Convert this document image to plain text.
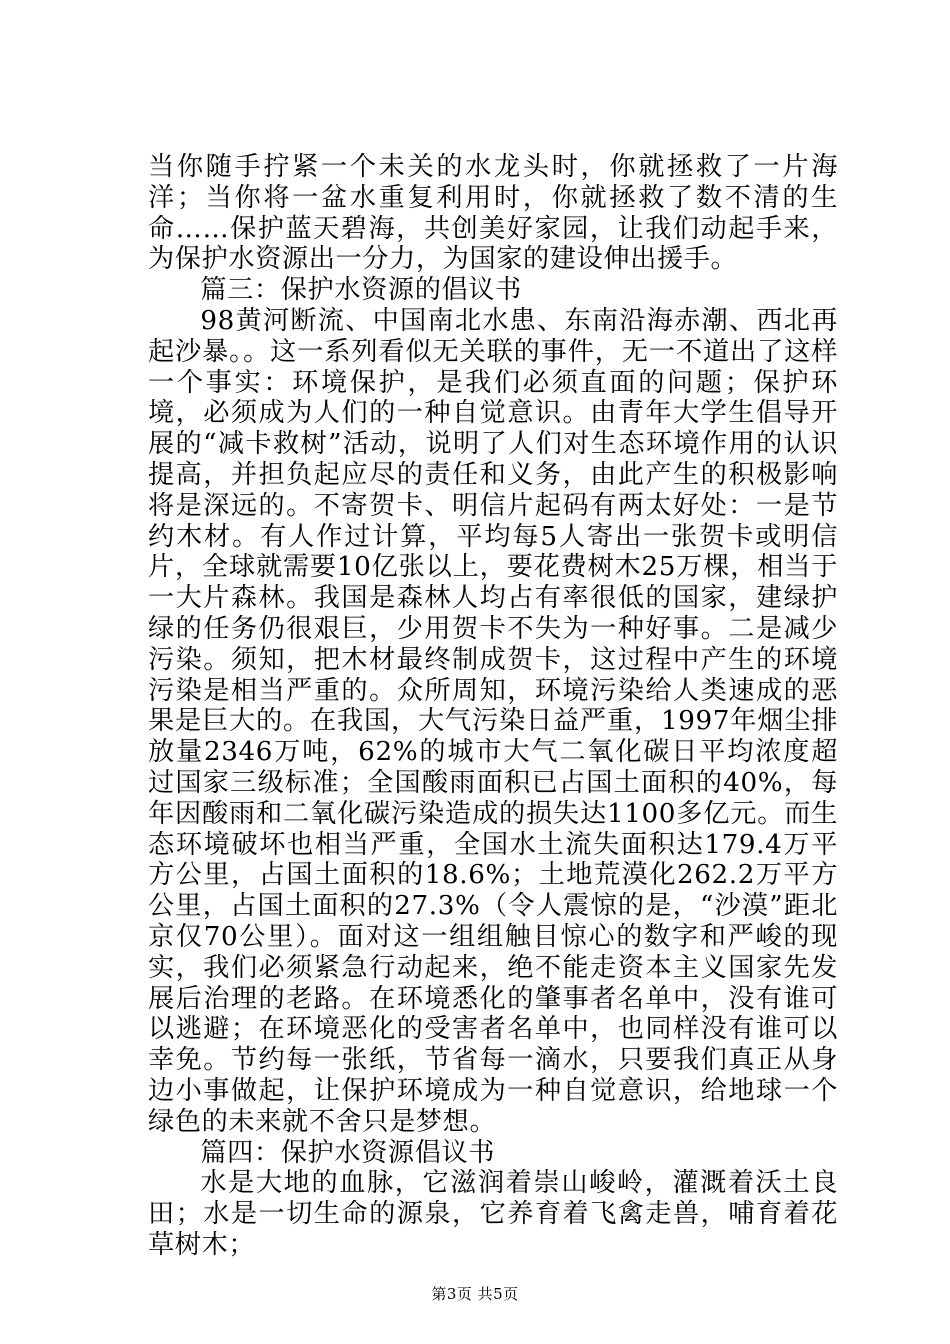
当你随手拧紧一个未关的水龙头时，你就拯救了一片海洋；当你将一盆水重复利用时，你就拯救了数不清的生命……保护蓝天碧海，共创美好家园，让我们动起手来，为保护水资源出一分力，为国家的建设伸出援手。

篇三：保护水资源的倡议书

98黄河断流、中国南北水患、东南沿海赤潮、西北再起沙暴。。这一系列看似无关联的事件，无一不道出了这样一个事实：环境保护，是我们必须直面的问题；保护环境，必须成为人们的一种自觉意识。由青年大学生倡导开展的“减卡救树”活动，说明了人们对生态环境作用的认识提高，并担负起应尽的责任和义务，由此产生的积极影响将是深远的。不寄贺卡、明信片起码有两太好处：一是节约木材。有人作过计算，平均每5人寄出一张贺卡或明信片，全球就需要10亿张以上，要花费树木25万棵，相当于一大片森林。我国是森林人均占有率很低的国家，建绿护绿的任务仍很艰巨，少用贺卡不失为一种好事。二是减少污染。须知，把木材最终制成贺卡，这过程中产生的环境污染是相当严重的。众所周知，环境污染给人类速成的恶果是巨大的。在我国，大气污染日益严重，1997年烟尘排放量2346万吨，62%的城市大气二氧化碳日平均浓度超过国家三级标准；全国酸雨面积已占国土面积的40%，每年因酸雨和二氧化碳污染造成的损失达1100多亿元。而生态环境破坏也相当严重，全国水土流失面积达179.4万平方公里，占国土面积的18.6%；土地荒漠化262.2万平方公里，占国土面积的27.3%（令人震惊的是，“沙漠”距北京仅70公里）。面对这一组组触目惊心的数字和严峻的现实，我们必须紧急行动起来，绝不能走资本主义国家先发展后治理的老路。在环境悉化的肇事者名单中，没有谁可以逃避；在环境恶化的受害者名单中，也同样没有谁可以幸免。节约每一张纸，节省每一滴水，只要我们真正从身边小事做起，让保护环境成为一种自觉意识，给地球一个绿色的未来就不舍只是梦想。

篇四：保护水资源倡议书

水是大地的血脉，它滋润着崇山峻岭，灌溉着沃土良田；水是一切生命的源泉，它养育着飞禽走兽，哺育着花草树木；

第3页 共5页
